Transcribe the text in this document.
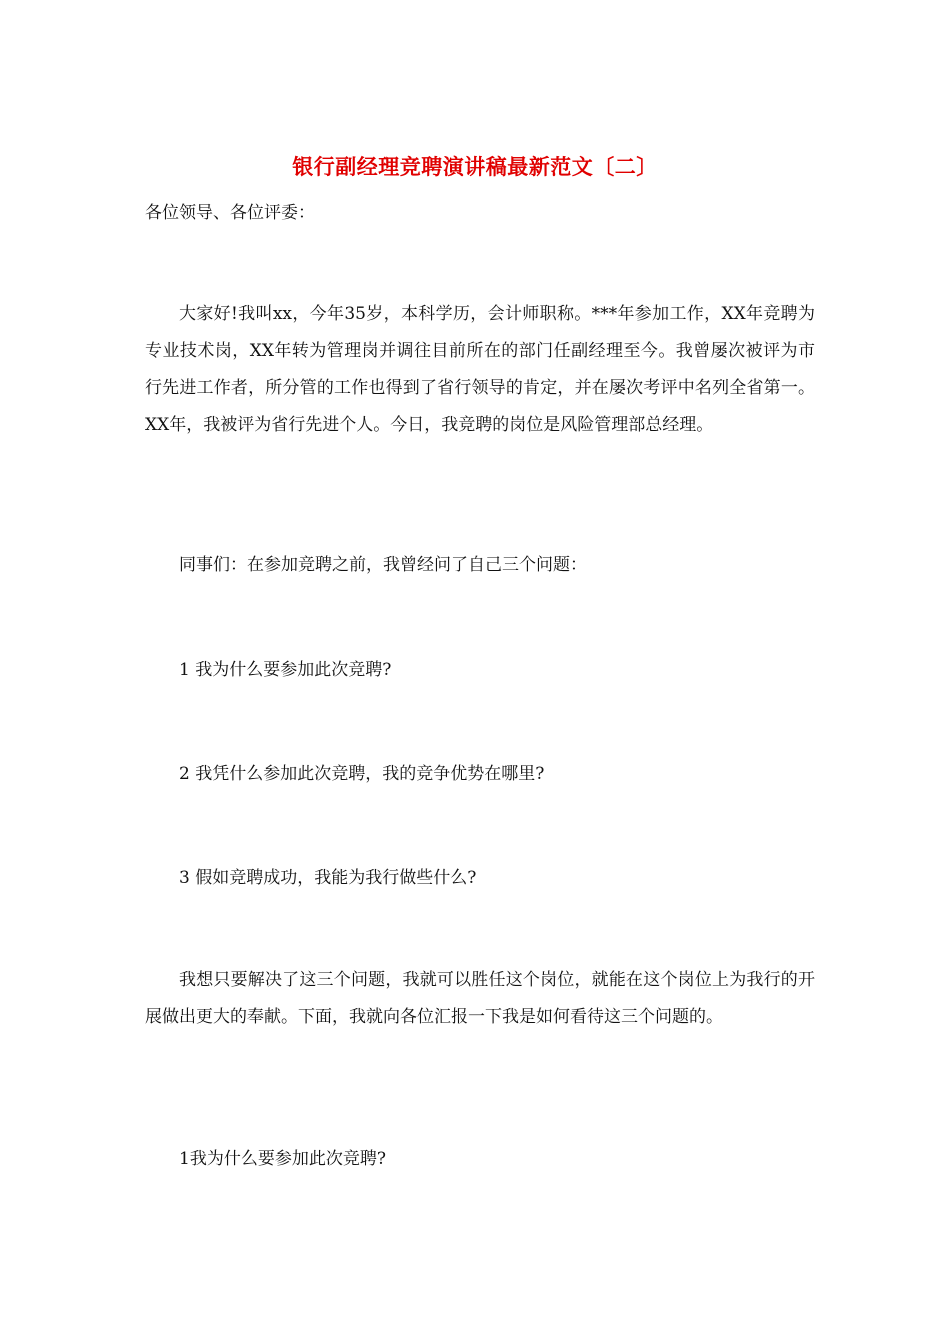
银行副经理竞聘演讲稿最新范文〔二〕

各位领导、各位评委：

大家好!我叫xx，今年35岁，本科学历，会计师职称。***年参加工作，XX年竞聘为专业技术岗，XX年转为管理岗并调往目前所在的部门任副经理至今。我曾屡次被评为市行先进工作者，所分管的工作也得到了省行领导的肯定，并在屡次考评中名列全省第一。XX年，我被评为省行先进个人。今日，我竞聘的岗位是风险管理部总经理。

同事们：在参加竞聘之前，我曾经问了自己三个问题：

1 我为什么要参加此次竞聘?

2 我凭什么参加此次竞聘，我的竞争优势在哪里?

3 假如竞聘成功，我能为我行做些什么?

我想只要解决了这三个问题，我就可以胜任这个岗位，就能在这个岗位上为我行的开展做出更大的奉献。下面，我就向各位汇报一下我是如何看待这三个问题的。

1我为什么要参加此次竞聘?
